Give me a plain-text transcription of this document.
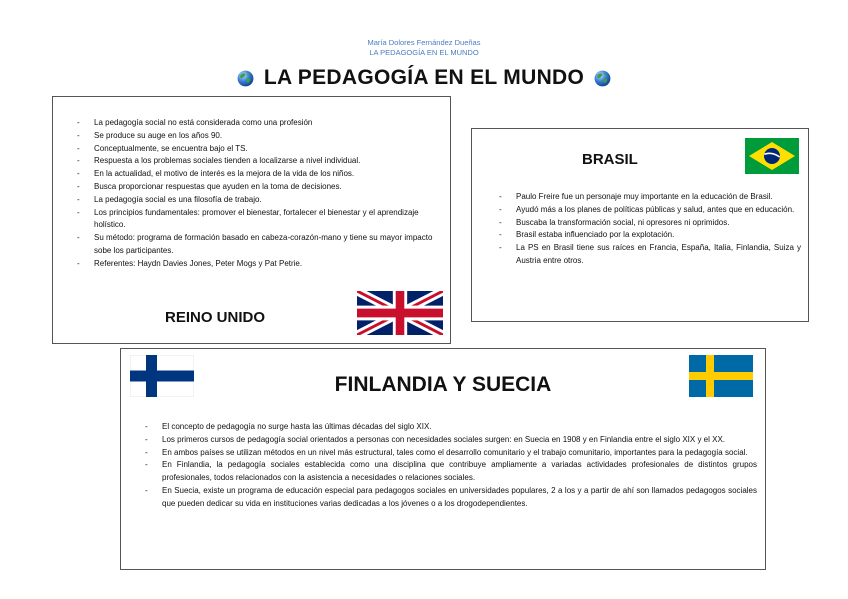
María Dolores Fernández Dueñas
LA PEDAGOGÍA EN EL MUNDO
LA PEDAGOGÍA EN EL MUNDO
- La pedagogía social no está considerada como una profesión
- Se produce su auge en los años 90.
- Conceptualmente, se encuentra bajo el TS.
- Respuesta a los problemas sociales tienden a localizarse a nivel individual.
- En la actualidad, el motivo de interés es la mejora de la vida de los niños.
- Busca proporcionar respuestas que ayuden en la toma de decisiones.
- La pedagogía social es una filosofía de trabajo.
- Los principios fundamentales: promover el bienestar, fortalecer el bienestar y el aprendizaje holístico.
- Su método: programa de formación basado en cabeza-corazón-mano y tiene su mayor impacto sobe los participantes.
- Referentes: Haydn Davies Jones, Peter Mogs y Pat Petrie.
REINO UNIDO
BRASIL
- Paulo Freire fue un personaje muy importante en la educación de Brasil.
- Ayudó más a los planes de políticas públicas y salud, antes que en educación.
- Buscaba la transformación social, ni opresores ni oprimidos.
- Brasil estaba influenciado por la explotación.
- La PS en Brasil tiene sus raíces en Francia, España, Italia, Finlandia, Suiza y Austria entre otros.
FINLANDIA Y SUECIA
- El concepto de pedagogía no surge hasta las últimas décadas del siglo XIX.
- Los primeros cursos de pedagogía social orientados a personas con necesidades sociales surgen: en Suecia en 1908 y en Finlandia entre el siglo XIX y el XX.
- En ambos países se utilizan métodos en un nivel más estructural, tales como el desarrollo comunitario y el trabajo comunitario, importantes para la pedagogía social.
- En Finlandia, la pedagogía sociales establecida como una disciplina que contribuye ampliamente a variadas actividades profesionales de distintos grupos profesionales, todos relacionados con la asistencia a necesidades o relaciones sociales.
- En Suecia, existe un programa de educación especial para pedagogos sociales en universidades populares, 2 a los y a partir de ahí son llamados pedagogos sociales que pueden dedicar su vida en instituciones varias dedicadas a los jóvenes o a los drogodependientes.
